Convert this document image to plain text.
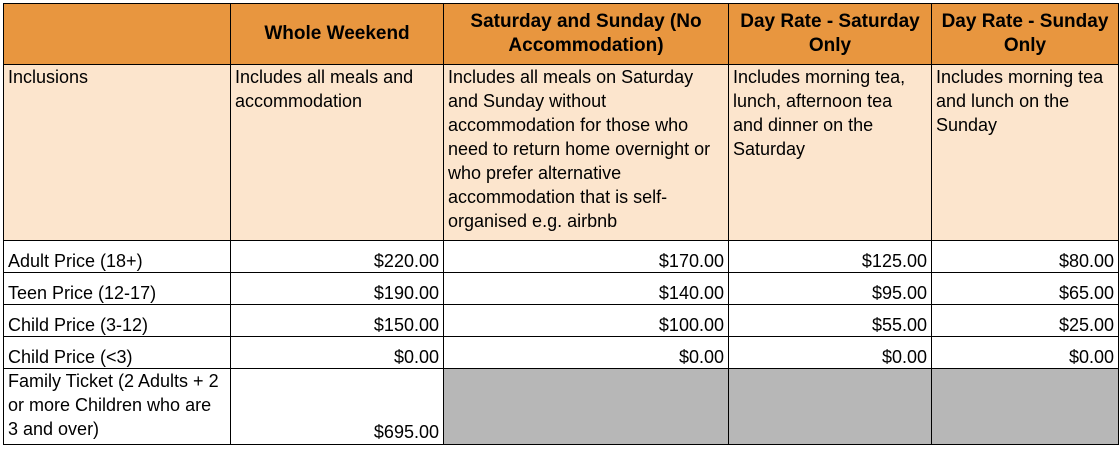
	Whole Weekend	Saturday and Sunday (No Accommodation)	Day Rate - Saturday Only	Day Rate - Sunday Only
Inclusions	Includes all meals and accommodation	Includes all meals on Saturday and Sunday without accommodation for those who need to return home overnight or who prefer alternative accommodation that is self-organised e.g. airbnb	Includes morning tea, lunch, afternoon tea and dinner on the Saturday	Includes morning tea and lunch on the Sunday
Adult Price (18+)	$220.00	$170.00	$125.00	$80.00
Teen Price (12-17)	$190.00	$140.00	$95.00	$65.00
Child Price (3-12)	$150.00	$100.00	$55.00	$25.00
Child Price (<3)	$0.00	$0.00	$0.00	$0.00
Family Ticket (2 Adults + 2 or more Children who are 3 and over)	$695.00			
